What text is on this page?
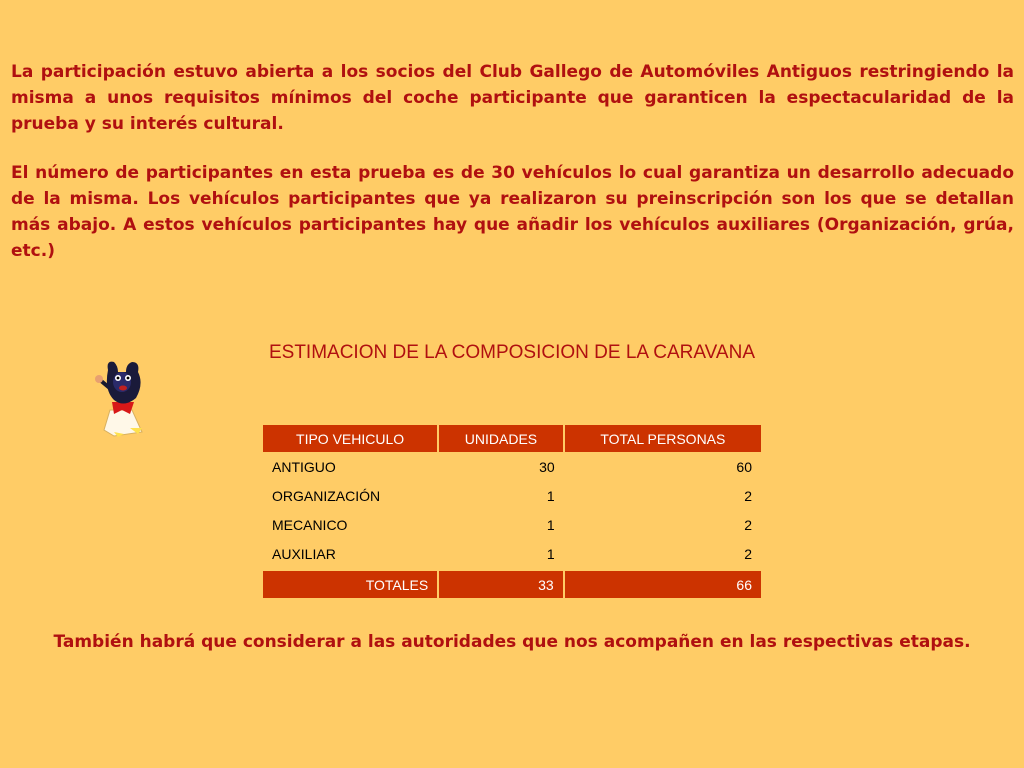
La participación estuvo abierta a los socios del Club Gallego de Automóviles Antiguos restringiendo la misma a unos requisitos mínimos del coche participante que garanticen la espectacularidad de la prueba y su interés cultural.

El número de participantes en esta prueba es de 30 vehículos lo cual garantiza un desarrollo adecuado de la misma. Los vehículos participantes que ya realizaron su preinscripción son los que se detallan más abajo. A estos vehículos participantes hay que añadir los vehículos auxiliares (Organización, grúa, etc.)

ESTIMACION DE LA COMPOSICION DE LA CARAVANA
TIPO VEHICULO	UNIDADES	TOTAL PERSONAS
ANTIGUO	30	60
ORGANIZACIÓN	1	2
MECANICO	1	2
AUXILIAR	1	2

TOTALES	33	66

También habrá que considerar a las autoridades que nos acompañen en las respectivas etapas.
